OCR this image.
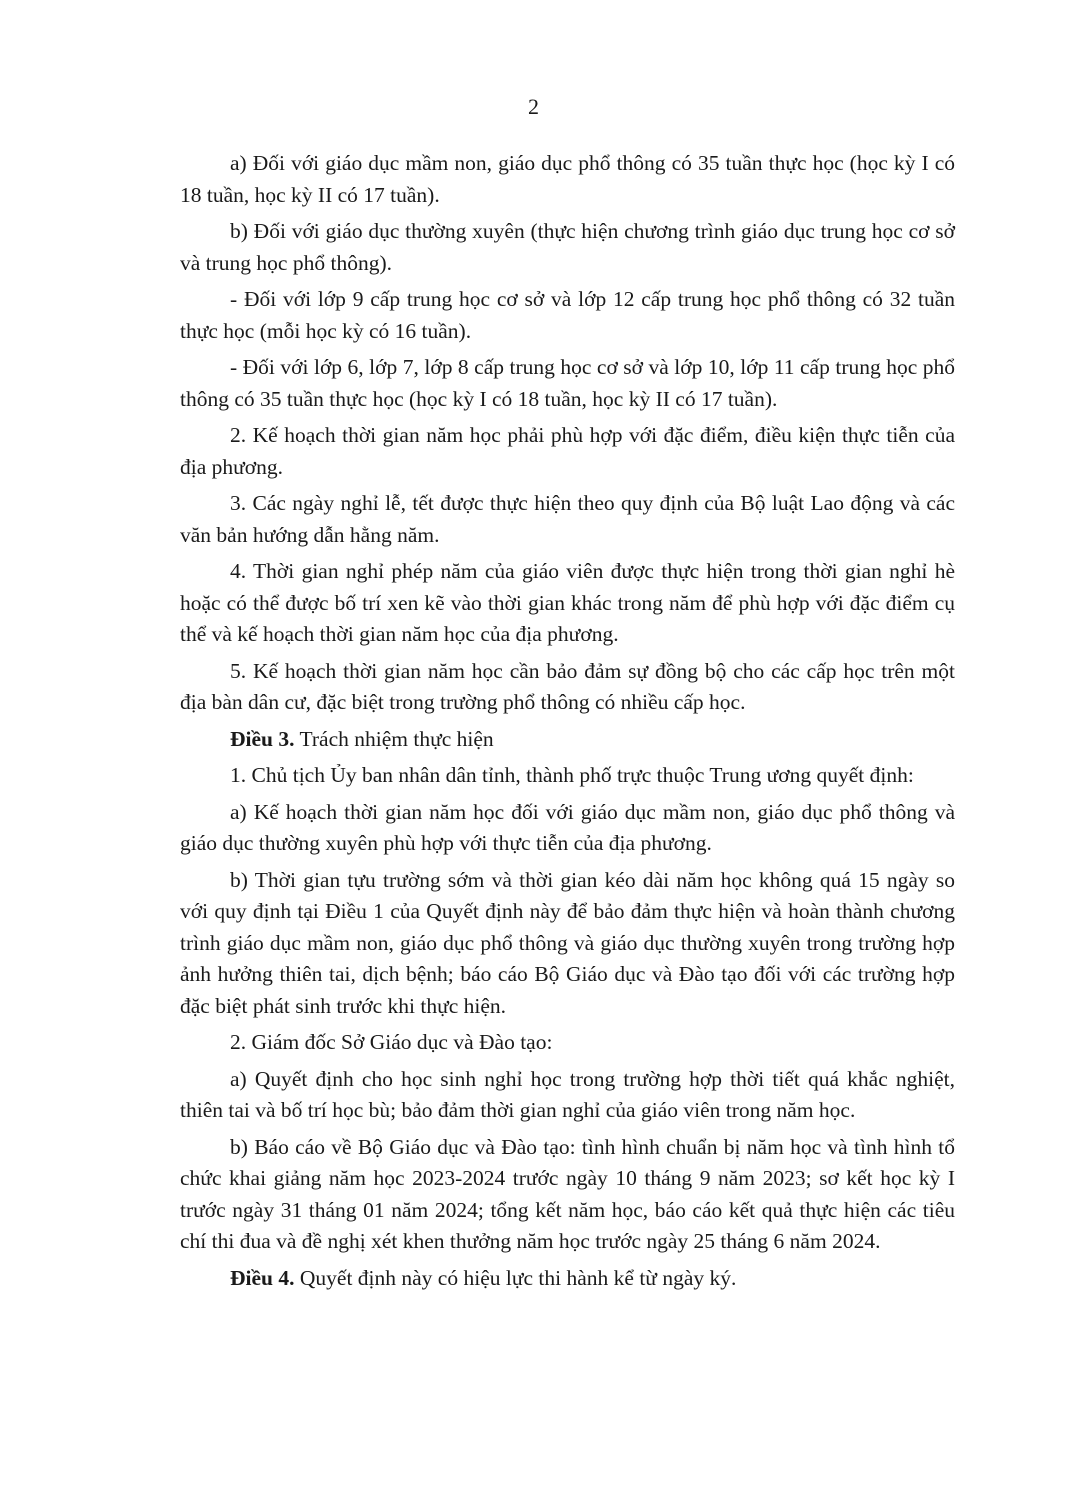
2

a) Đối với giáo dục mầm non, giáo dục phổ thông có 35 tuần thực học (học kỳ I có 18 tuần, học kỳ II có 17 tuần).

b) Đối với giáo dục thường xuyên (thực hiện chương trình giáo dục trung học cơ sở và trung học phổ thông).

- Đối với lớp 9 cấp trung học cơ sở và lớp 12 cấp trung học phổ thông có 32 tuần thực học (mỗi học kỳ có 16 tuần).

- Đối với lớp 6, lớp 7, lớp 8 cấp trung học cơ sở và lớp 10, lớp 11 cấp trung học phổ thông có 35 tuần thực học (học kỳ I có 18 tuần, học kỳ II có 17 tuần).

2. Kế hoạch thời gian năm học phải phù hợp với đặc điểm, điều kiện thực tiễn của địa phương.

3. Các ngày nghỉ lễ, tết được thực hiện theo quy định của Bộ luật Lao động và các văn bản hướng dẫn hằng năm.

4. Thời gian nghỉ phép năm của giáo viên được thực hiện trong thời gian nghỉ hè hoặc có thể được bố trí xen kẽ vào thời gian khác trong năm để phù hợp với đặc điểm cụ thể và kế hoạch thời gian năm học của địa phương.

5. Kế hoạch thời gian năm học cần bảo đảm sự đồng bộ cho các cấp học trên một địa bàn dân cư, đặc biệt trong trường phổ thông có nhiều cấp học.

Điều 3. Trách nhiệm thực hiện

1. Chủ tịch Ủy ban nhân dân tỉnh, thành phố trực thuộc Trung ương quyết định:

a) Kế hoạch thời gian năm học đối với giáo dục mầm non, giáo dục phổ thông và giáo dục thường xuyên phù hợp với thực tiễn của địa phương.

b) Thời gian tựu trường sớm và thời gian kéo dài năm học không quá 15 ngày so với quy định tại Điều 1 của Quyết định này để bảo đảm thực hiện và hoàn thành chương trình giáo dục mầm non, giáo dục phổ thông và giáo dục thường xuyên trong trường hợp ảnh hưởng thiên tai, dịch bệnh; báo cáo Bộ Giáo dục và Đào tạo đối với các trường hợp đặc biệt phát sinh trước khi thực hiện.

2. Giám đốc Sở Giáo dục và Đào tạo:

a) Quyết định cho học sinh nghỉ học trong trường hợp thời tiết quá khắc nghiệt, thiên tai và bố trí học bù; bảo đảm thời gian nghỉ của giáo viên trong năm học.

b) Báo cáo về Bộ Giáo dục và Đào tạo: tình hình chuẩn bị năm học và tình hình tổ chức khai giảng năm học 2023-2024 trước ngày 10 tháng 9 năm 2023; sơ kết học kỳ I trước ngày 31 tháng 01 năm 2024; tổng kết năm học, báo cáo kết quả thực hiện các tiêu chí thi đua và đề nghị xét khen thưởng năm học trước ngày 25 tháng 6 năm 2024.

Điều 4. Quyết định này có hiệu lực thi hành kể từ ngày ký.
